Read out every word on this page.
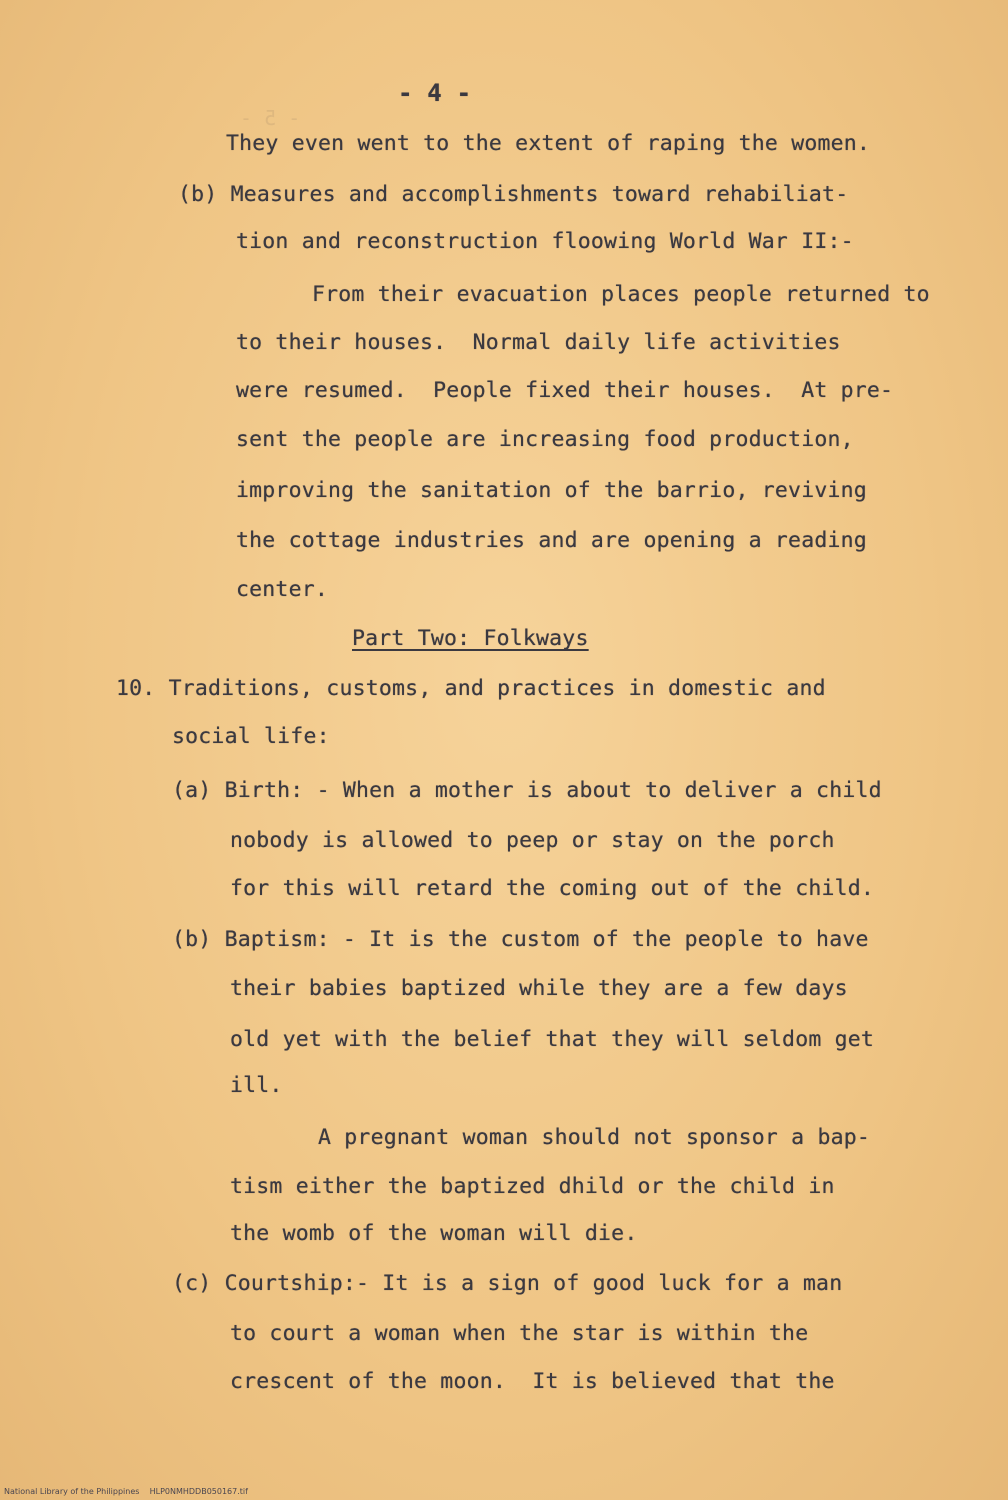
- 5 -
- 4 -
They even went to the extent of raping the women.
(b) Measures and accomplishments toward rehabiliat-
tion and reconstruction floowing World War II:-
From their evacuation places people returned to
to their houses.  Normal daily life activities
were resumed.  People fixed their houses.  At pre-
sent the people are increasing food production,
improving the sanitation of the barrio, reviving
the cottage industries and are opening a reading
center.
Part Two: Folkways
10. Traditions, customs, and practices in domestic and
social life:
(a) Birth: - When a mother is about to deliver a child
nobody is allowed to peep or stay on the porch
for this will retard the coming out of the child.
(b) Baptism: - It is the custom of the people to have
their babies baptized while they are a few days
old yet with the belief that they will seldom get
ill.
A pregnant woman should not sponsor a bap-
tism either the baptized dhild or the child in
the womb of the woman will die.
(c) Courtship:- It is a sign of good luck for a man
to court a woman when the star is within the
crescent of the moon.  It is believed that the
National Library of the Philippines    HLP0NMHDDB050167.tif
